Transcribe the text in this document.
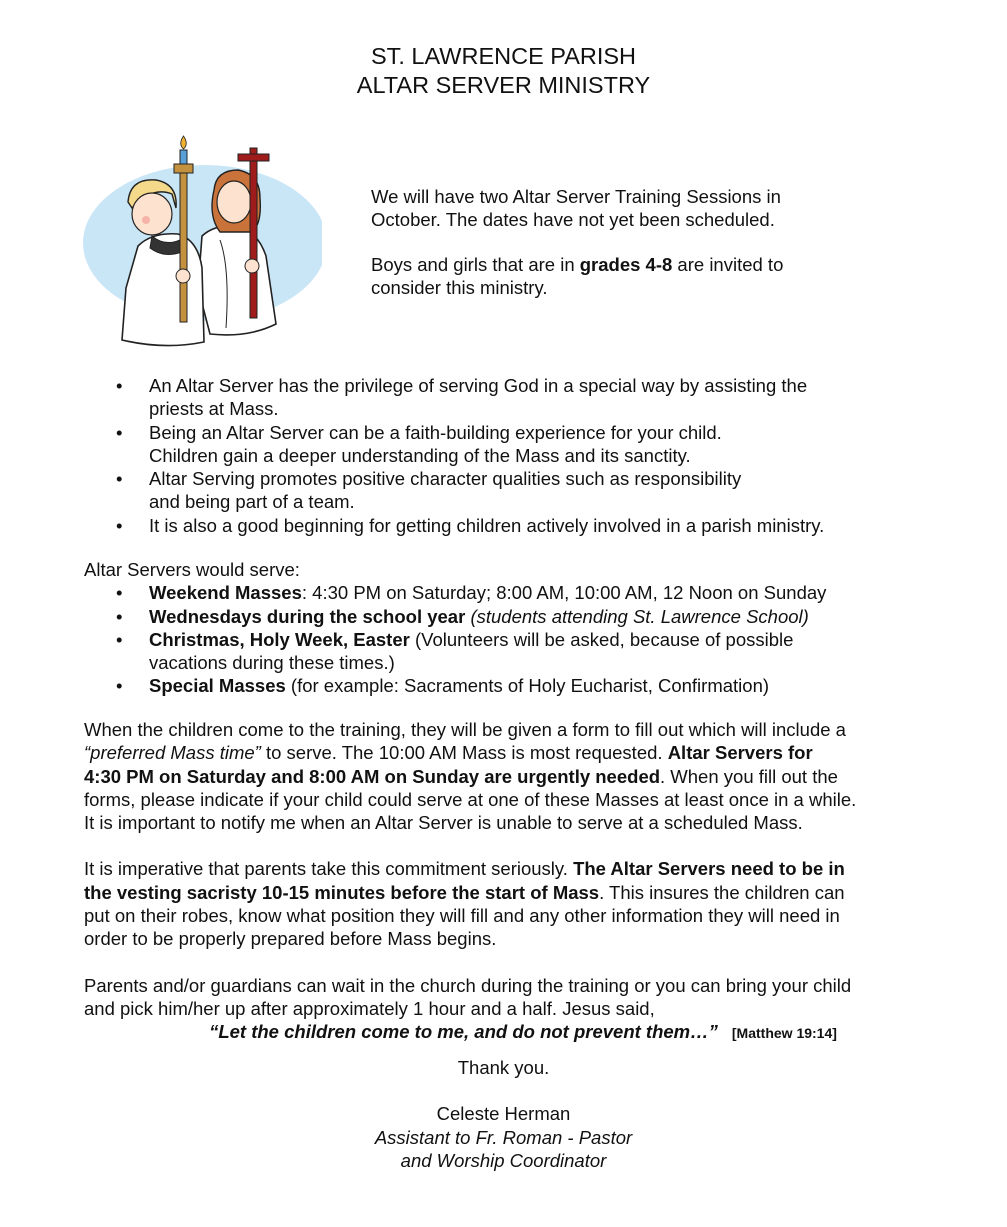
ST. LAWRENCE PARISH
ALTAR SERVER MINISTRY

We will have two Altar Server Training Sessions in
October. The dates have not yet been scheduled.

Boys and girls that are in grades 4-8 are invited to
consider this ministry.

• An Altar Server has the privilege of serving God in a special way by assisting the
priests at Mass.
• Being an Altar Server can be a faith-building experience for your child.
Children gain a deeper understanding of the Mass and its sanctity.
• Altar Serving promotes positive character qualities such as responsibility
and being part of a team.
• It is also a good beginning for getting children actively involved in a parish ministry.

Altar Servers would serve:

• Weekend Masses: 4:30 PM on Saturday; 8:00 AM, 10:00 AM, 12 Noon on Sunday
• Wednesdays during the school year (students attending St. Lawrence School)
• Christmas, Holy Week, Easter (Volunteers will be asked, because of possible
vacations during these times.)
• Special Masses (for example: Sacraments of Holy Eucharist, Confirmation)

When the children come to the training, they will be given a form to fill out which will include a
“preferred Mass time” to serve. The 10:00 AM Mass is most requested. Altar Servers for
4:30 PM on Saturday and 8:00 AM on Sunday are urgently needed. When you fill out the
forms, please indicate if your child could serve at one of these Masses at least once in a while.
It is important to notify me when an Altar Server is unable to serve at a scheduled Mass.

It is imperative that parents take this commitment seriously. The Altar Servers need to be in
the vesting sacristy 10-15 minutes before the start of Mass. This insures the children can
put on their robes, know what position they will fill and any other information they will need in
order to be properly prepared before Mass begins.

Parents and/or guardians can wait in the church during the training or you can bring your child
and pick him/her up after approximately 1 hour and a half. Jesus said,

“Let the children come to me, and do not prevent them…” [Matthew 19:14]

Thank you.
Celeste Herman
Assistant to Fr. Roman - Pastor
and Worship Coordinator
